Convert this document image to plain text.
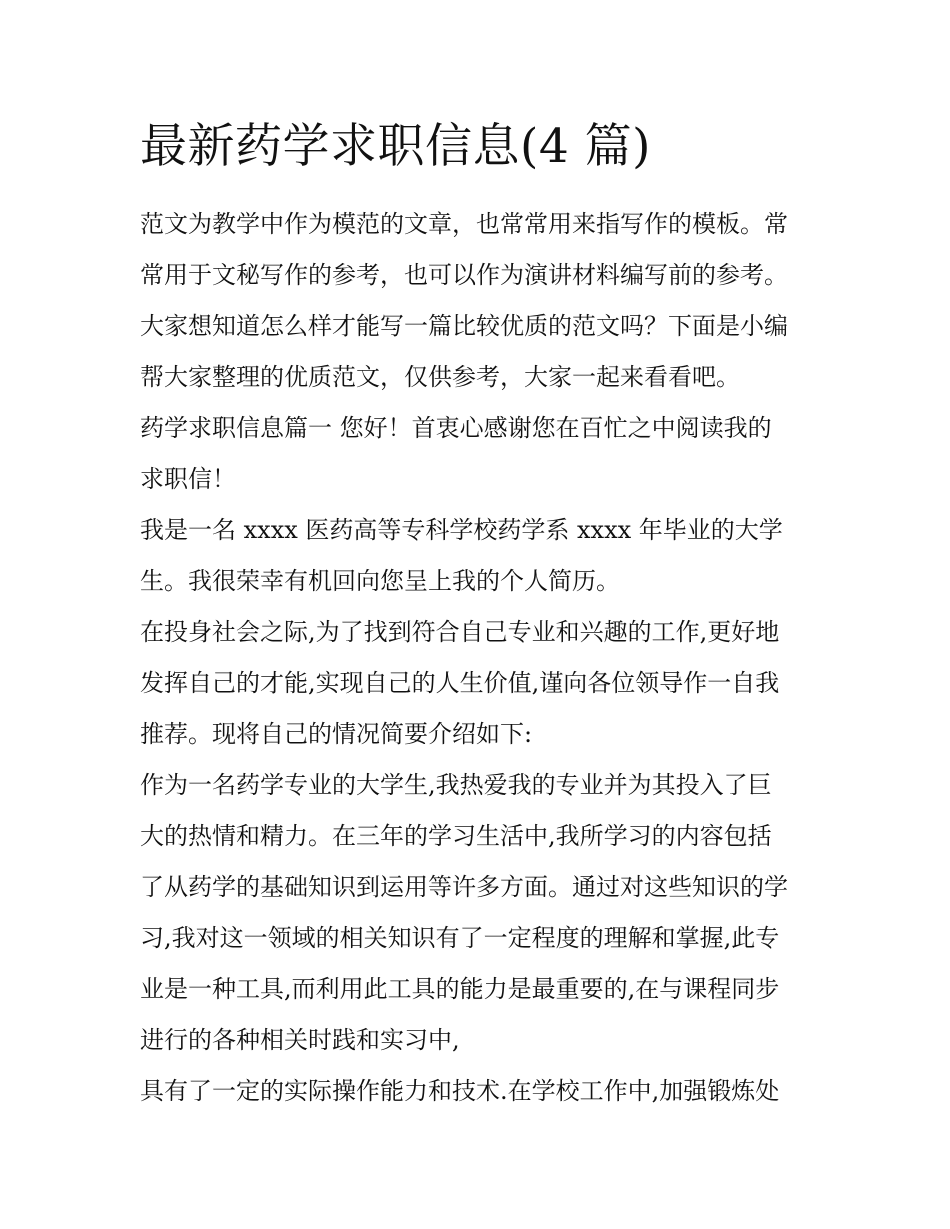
最新药学求职信息(4 篇)
范文为教学中作为模范的文章，也常常用来指写作的模板。常
常用于文秘写作的参考，也可以作为演讲材料编写前的参考。
大家想知道怎么样才能写一篇比较优质的范文吗？下面是小编
帮大家整理的优质范文，仅供参考，大家一起来看看吧。
药学求职信息篇一 您好！首衷心感谢您在百忙之中阅读我的
求职信！
我是一名 xxxx 医药高等专科学校药学系 xxxx 年毕业的大学
生。我很荣幸有机回向您呈上我的个人简历。
在投身社会之际,为了找到符合自己专业和兴趣的工作,更好地
发挥自己的才能,实现自己的人生价值,谨向各位领导作一自我
推荐。现将自己的情况简要介绍如下:
作为一名药学专业的大学生,我热爱我的专业并为其投入了巨
大的热情和精力。在三年的学习生活中,我所学习的内容包括
了从药学的基础知识到运用等许多方面。通过对这些知识的学
习,我对这一领域的相关知识有了一定程度的理解和掌握,此专
业是一种工具,而利用此工具的能力是最重要的,在与课程同步
进行的各种相关时践和实习中,
具有了一定的实际操作能力和技术.在学校工作中,加强锻炼处
